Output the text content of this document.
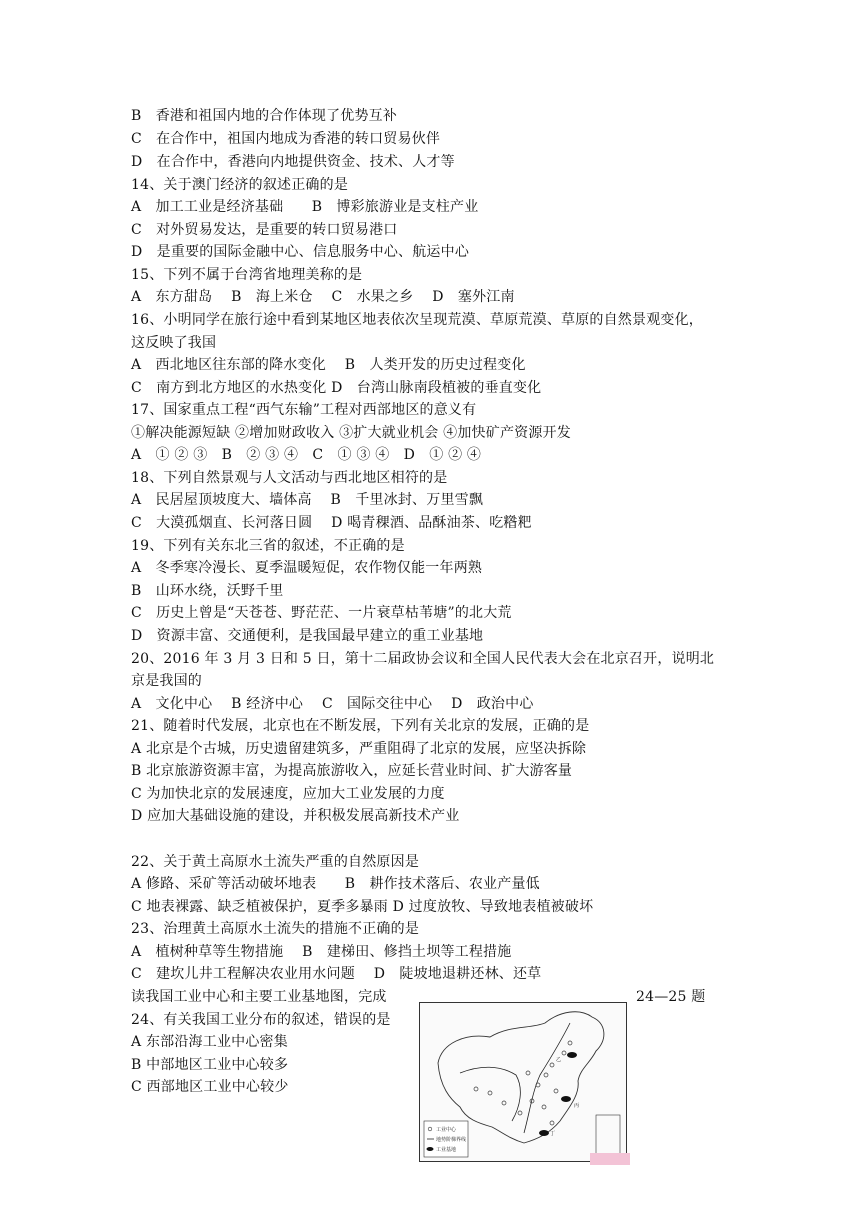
B　香港和祖国内地的合作体现了优势互补
C　在合作中，祖国内地成为香港的转口贸易伙伴
D　在合作中，香港向内地提供资金、技术、人才等
14、关于澳门经济的叙述正确的是
A　加工工业是经济基础　　B　博彩旅游业是支柱产业
C　对外贸易发达，是重要的转口贸易港口
D　是重要的国际金融中心、信息服务中心、航运中心
15、下列不属于台湾省地理美称的是
A　东方甜岛　 B　海上米仓　 C　水果之乡　 D　塞外江南
16、小明同学在旅行途中看到某地区地表依次呈现荒漠、草原荒漠、草原的自然景观变化，
这反映了我国
A　西北地区往东部的降水变化　 B　人类开发的历史过程变化
C　南方到北方地区的水热变化 D　台湾山脉南段植被的垂直变化
17、国家重点工程“西气东输”工程对西部地区的意义有
①解决能源短缺 ②增加财政收入 ③扩大就业机会 ④加快矿产资源开发
A　① ② ③　B　② ③ ④　C　① ③ ④　D　① ② ④
18、下列自然景观与人文活动与西北地区相符的是
A　民居屋顶坡度大、墙体高　 B　千里冰封、万里雪飘
C　大漠孤烟直、长河落日圆　 D 喝青稞酒、品酥油茶、吃糌粑
19、下列有关东北三省的叙述，不正确的是
A　冬季寒冷漫长、夏季温暖短促，农作物仅能一年两熟
B　山环水绕，沃野千里
C　历史上曾是“天苍苍、野茫茫、一片衰草枯苇塘”的北大荒
D　资源丰富、交通便利，是我国最早建立的重工业基地
20、2016 年 3 月 3 日和 5 日，第十二届政协会议和全国人民代表大会在北京召开，说明北
京是我国的
A　文化中心　 B 经济中心　 C　国际交往中心　 D　政治中心
21、随着时代发展，北京也在不断发展，下列有关北京的发展，正确的是
A 北京是个古城，历史遗留建筑多，严重阻碍了北京的发展，应坚决拆除
B 北京旅游资源丰富，为提高旅游收入，应延长营业时间、扩大游客量
C 为加快北京的发展速度，应加大工业发展的力度
D 应加大基础设施的建设，并积极发展高新技术产业
22、关于黄土高原水土流失严重的自然原因是
A 修路、采矿等活动破坏地表　　B　耕作技术落后、农业产量低
C 地表裸露、缺乏植被保护，夏季多暴雨 D 过度放牧、导致地表植被破坏
23、治理黄土高原水土流失的措施不正确的是
A　植树种草等生物措施　 B　建梯田、修挡土坝等工程措施
C　建坎儿井工程解决农业用水问题　 D　陡坡地退耕还林、还草
读我国工业中心和主要工业基地图，完成	24—25 题
24、有关我国工业分布的叙述，错误的是
A 东部沿海工业中心密集
B 中部地区工业中心较多
C 西部地区工业中心较少
乙
丙
丁
工业中心
地势阶梯界线
工业基地
